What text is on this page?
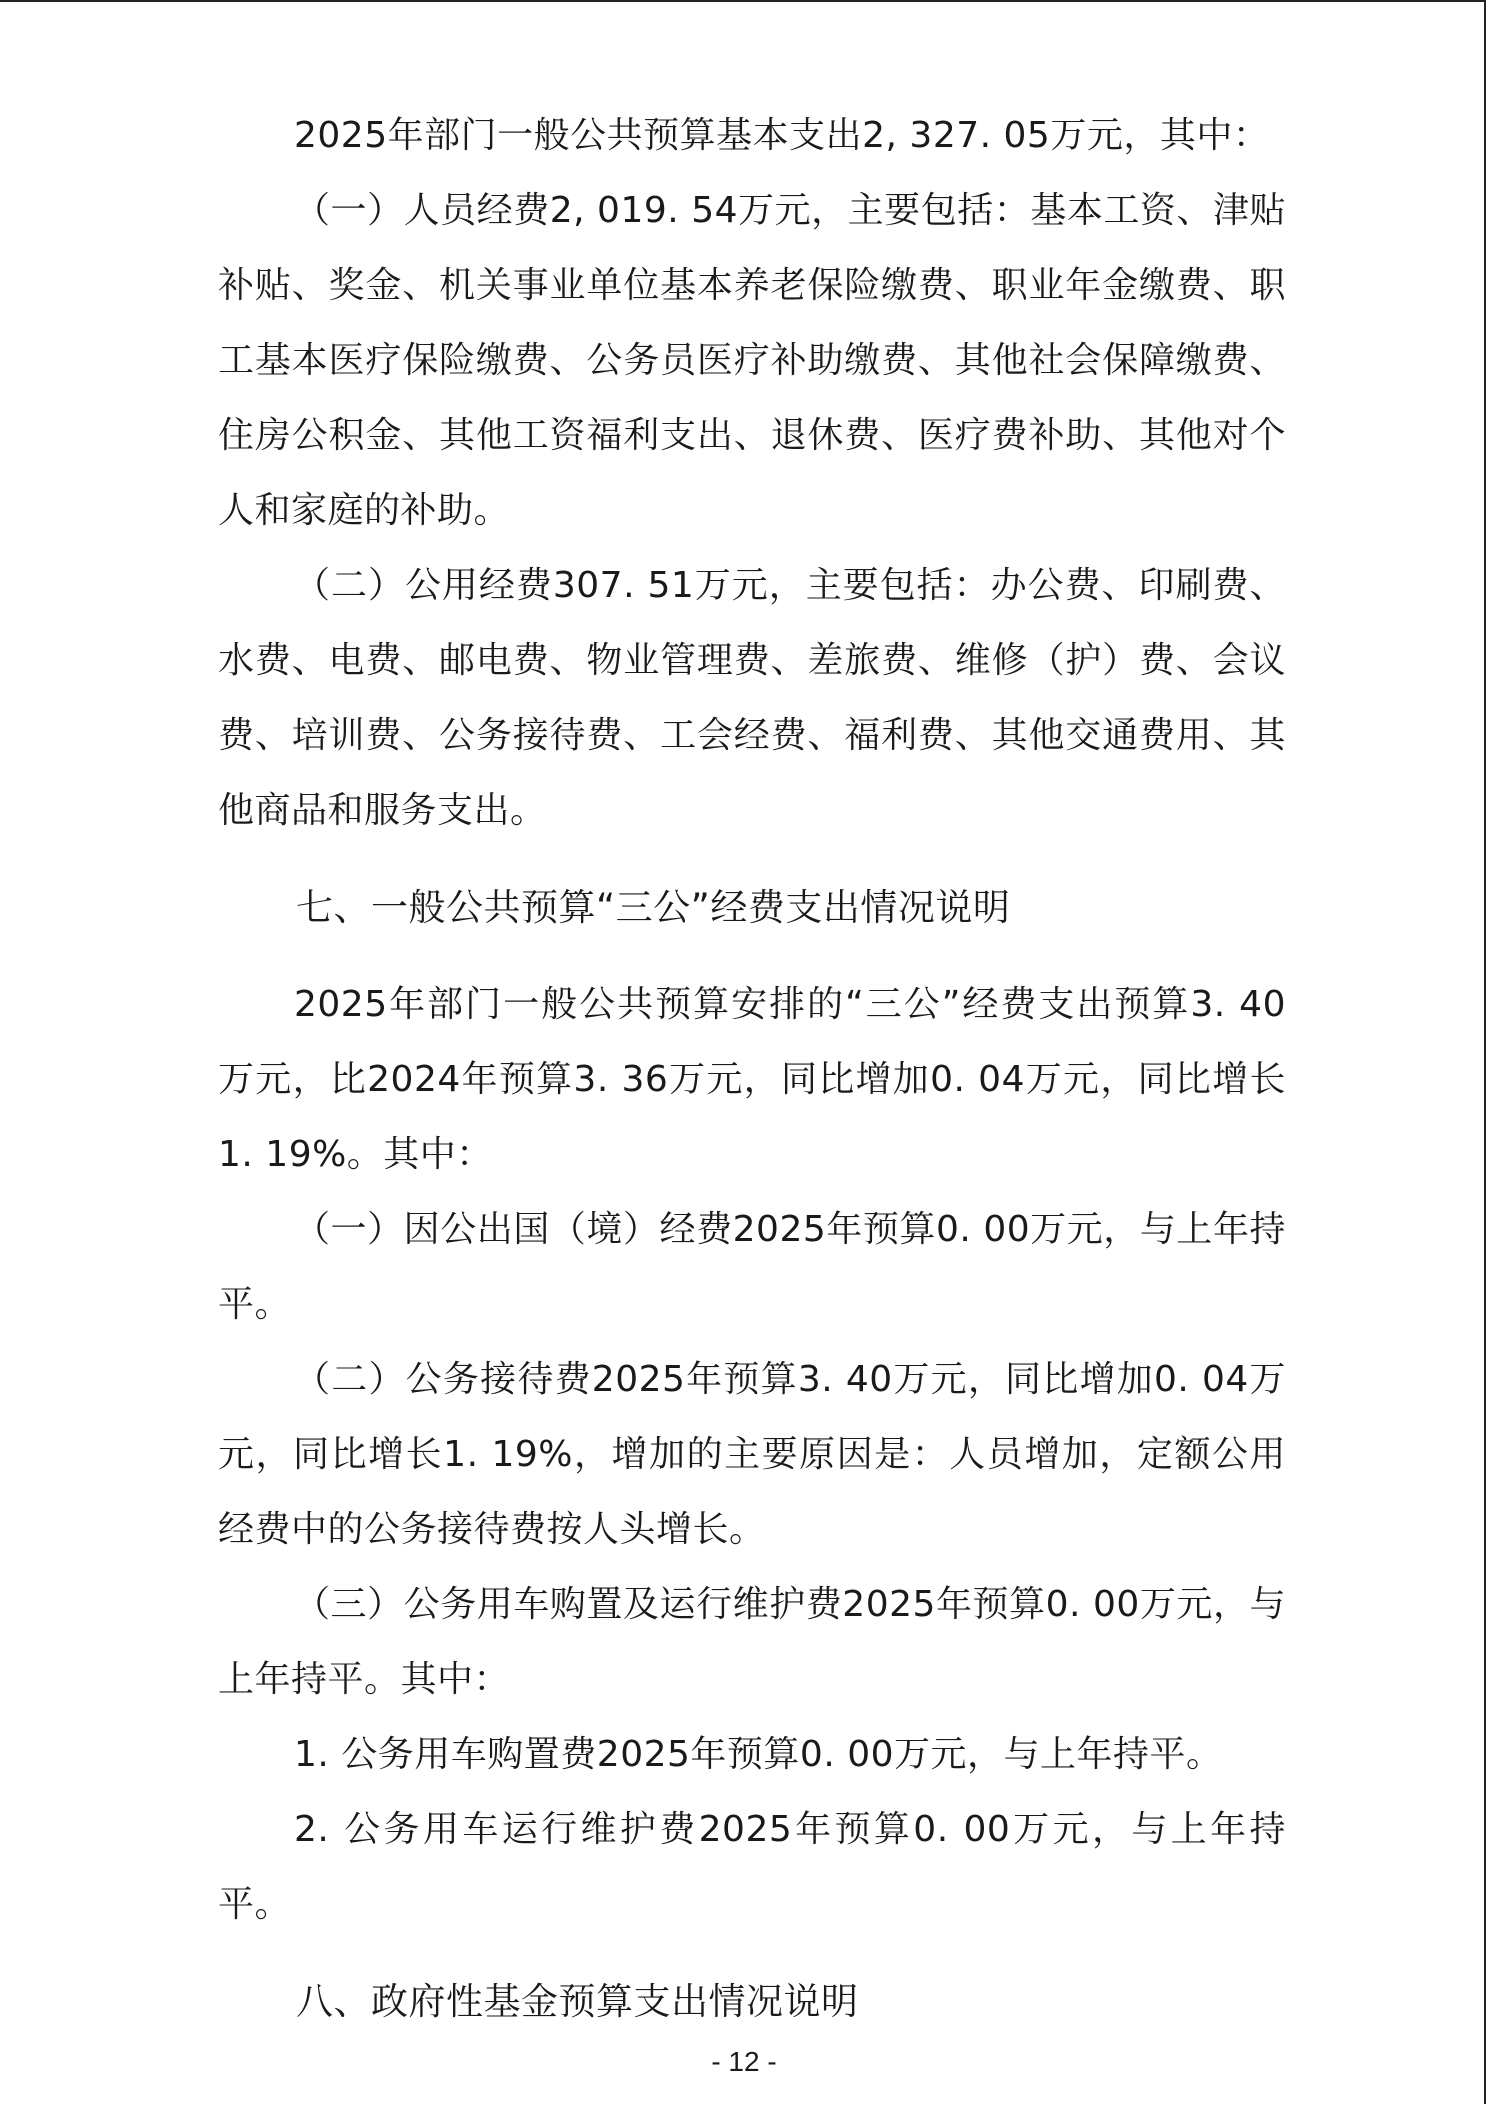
2025年部门一般公共预算基本支出2, 327. 05万元，其中：

（一）人员经费2, 019. 54万元，主要包括：基本工资、津贴补贴、奖金、机关事业单位基本养老保险缴费、职业年金缴费、职工基本医疗保险缴费、公务员医疗补助缴费、其他社会保障缴费、住房公积金、其他工资福利支出、退休费、医疗费补助、其他对个人和家庭的补助。

（二）公用经费307. 51万元，主要包括：办公费、印刷费、水费、电费、邮电费、物业管理费、差旅费、维修（护）费、会议费、培训费、公务接待费、工会经费、福利费、其他交通费用、其他商品和服务支出。

七、一般公共预算“三公”经费支出情况说明

2025年部门一般公共预算安排的“三公”经费支出预算3. 40万元，比2024年预算3. 36万元，同比增加0. 04万元，同比增长1. 19%。其中：

（一）因公出国（境）经费2025年预算0. 00万元，与上年持平。

（二）公务接待费2025年预算3. 40万元，同比增加0. 04万元，同比增长1. 19%，增加的主要原因是：人员增加，定额公用经费中的公务接待费按人头增长。

（三）公务用车购置及运行维护费2025年预算0. 00万元，与上年持平。其中：

1. 公务用车购置费2025年预算0. 00万元，与上年持平。

2. 公务用车运行维护费2025年预算0. 00万元，与上年持平。

八、政府性基金预算支出情况说明

- 12 -
